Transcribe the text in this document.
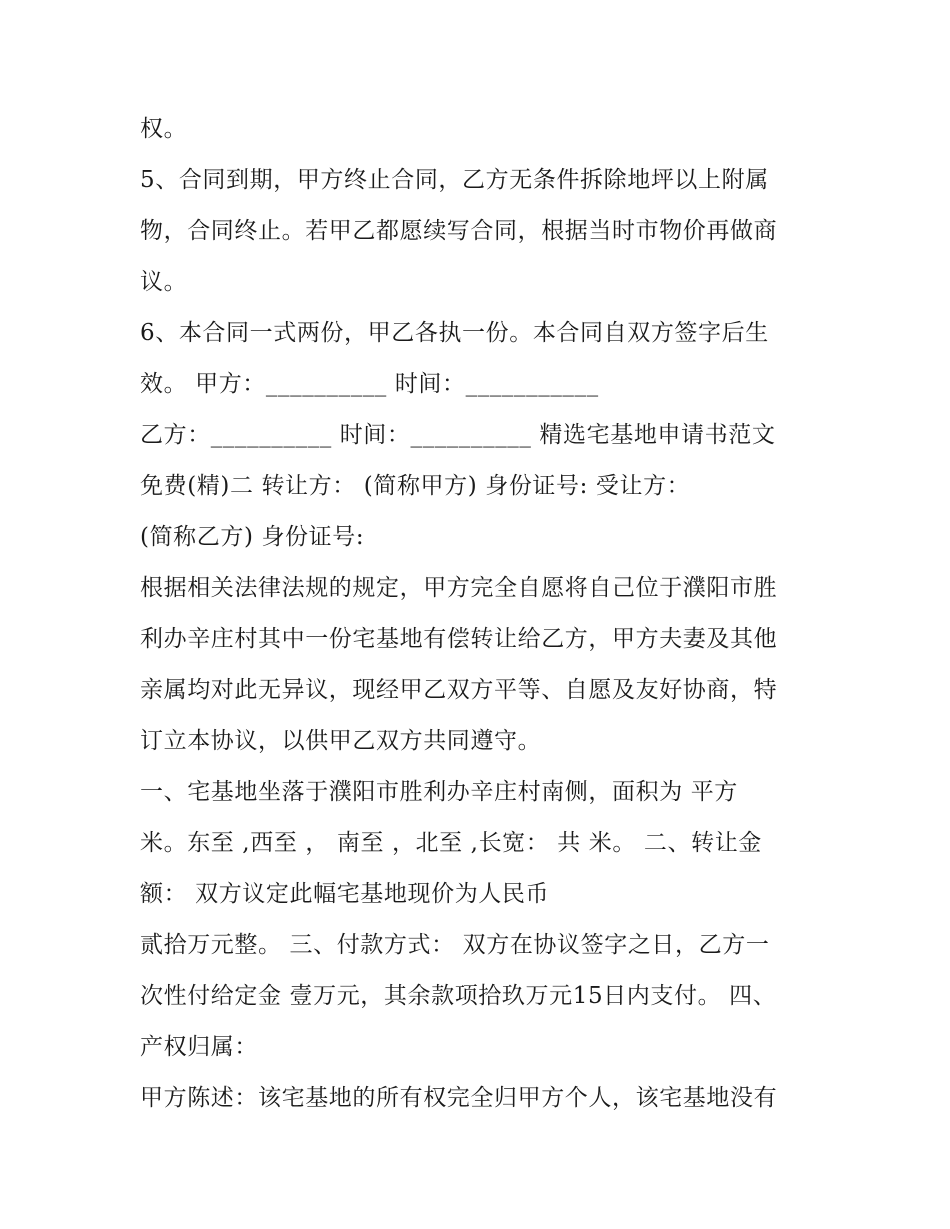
权。
5、合同到期，甲方终止合同，乙方无条件拆除地坪以上附属
物，合同终止。若甲乙都愿续写合同，根据当时市物价再做商
议。
6、本合同一式两份，甲乙各执一份。本合同自双方签字后生
效。 甲方：__________ 时间：___________
乙方：__________ 时间：__________ 精选宅基地申请书范文
免费(精)二 转让方： (简称甲方) 身份证号: 受让方：
(简称乙方) 身份证号:
根据相关法律法规的规定，甲方完全自愿将自己位于濮阳市胜
利办辛庄村其中一份宅基地有偿转让给乙方，甲方夫妻及其他
亲属均对此无异议，现经甲乙双方平等、自愿及友好协商，特
订立本协议，以供甲乙双方共同遵守。
一、宅基地坐落于濮阳市胜利办辛庄村南侧，面积为 平方
米。东至 ,西至 ， 南至 ，北至 ,长宽： 共 米。 二、转让金
额： 双方议定此幅宅基地现价为人民币
贰拾万元整。 三、付款方式： 双方在协议签字之日，乙方一
次性付给定金 壹万元，其余款项拾玖万元15日内支付。 四、
产权归属：
甲方陈述：该宅基地的所有权完全归甲方个人，该宅基地没有
